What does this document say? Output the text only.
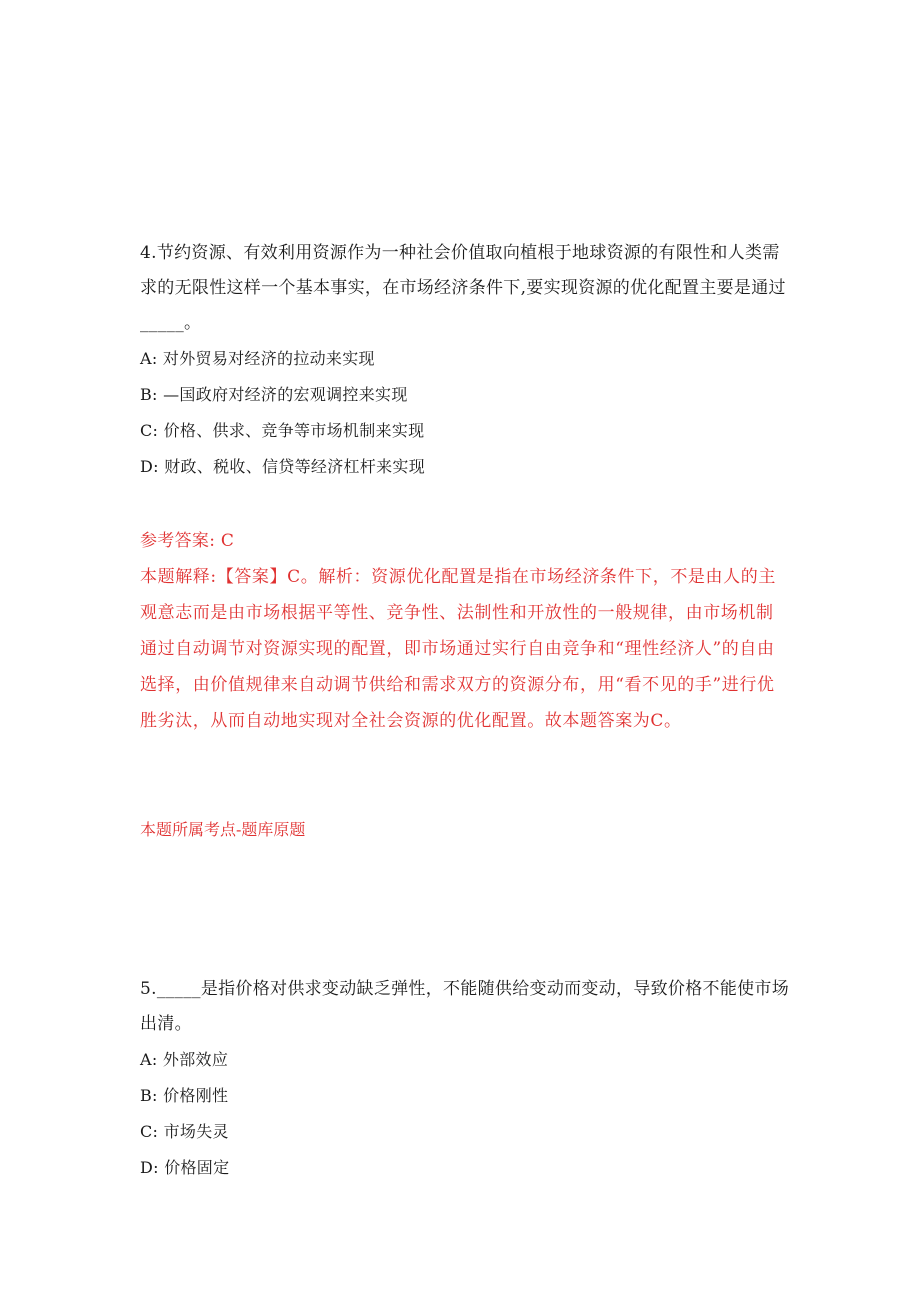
4.节约资源、有效利用资源作为一种社会价值取向植根于地球资源的有限性和人类需求的无限性这样一个基本事实，在市场经济条件下,要实现资源的优化配置主要是通过_____。

A: 对外贸易对经济的拉动来实现

B: —国政府对经济的宏观调控来实现

C: 价格、供求、竞争等市场机制来实现

D: 财政、税收、信贷等经济杠杆来实现

参考答案: C

本题解释:【答案】C。解析：资源优化配置是指在市场经济条件下，不是由人的主观意志而是由市场根据平等性、竞争性、法制性和开放性的一般规律，由市场机制通过自动调节对资源实现的配置，即市场通过实行自由竞争和“理性经济人”的自由选择，由价值规律来自动调节供给和需求双方的资源分布，用“看不见的手”进行优胜劣汰，从而自动地实现对全社会资源的优化配置。故本题答案为C。

本题所属考点-题库原题

5._____是指价格对供求变动缺乏弹性，不能随供给变动而变动，导致价格不能使市场出清。

A: 外部效应

B: 价格刚性

C: 市场失灵

D: 价格固定
